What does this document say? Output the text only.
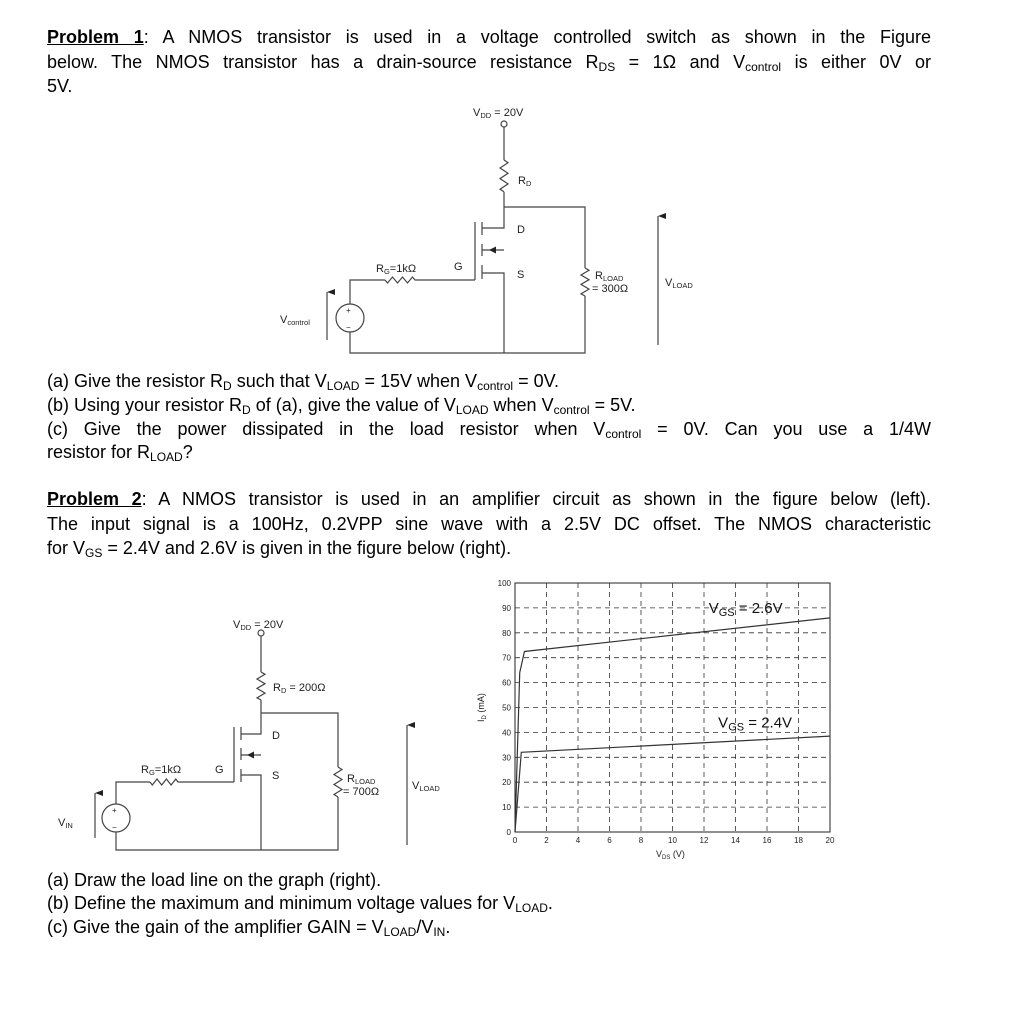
Problem 1: A NMOS transistor is used in a voltage controlled switch as shown in the Figure
below. The NMOS transistor has a drain-source resistance $R_{DS} = 1\Omega$ and $V_{control}$ is either 0V or
5V.
(a) Give the resistor $R_D$ such that $V_{LOAD} = 15V$ when $V_{control} = 0V$.
(b) Using your resistor $R_D$ of (a), give the value of $V_{LOAD}$ when $V_{control} = 5V$.
(c) Give the power dissipated in the load resistor when $V_{control} = 0V$. Can you use a 1/4W
resistor for $R_{LOAD}$?
Problem 2: A NMOS transistor is used in an amplifier circuit as shown in the figure below (left).
The input signal is a 100Hz, 0.2VPP sine wave with a 2.5V DC offset. The NMOS characteristic
for $V_{GS} = 2.4V$ and 2.6V is given in the figure below (right).
(a) Draw the load line on the graph (right).
(b) Define the maximum and minimum voltage values for $V_{LOAD}$.
(c) Give the gain of the amplifier GAIN = $V_{LOAD}/V_{IN}$.
+
−
VDD = 20V
RD
D
G
S
RG=1kΩ
RLOAD
= 300Ω	VLOAD
Vcontrol
+
−
VDD = 20V
RD = 200Ω
D
G	S
RG=1kΩ
RLOAD
= 700Ω	VLOAD
VIN
100
90
80
70
60
50
40
30
20
10
0
20
18
16
14
12
10
8
6
4
2
0
$V_{DS}$ (V)
$I_D$ (mA)
$V_{GS} = 2.6V$
$V_{GS} = 2.4V$
